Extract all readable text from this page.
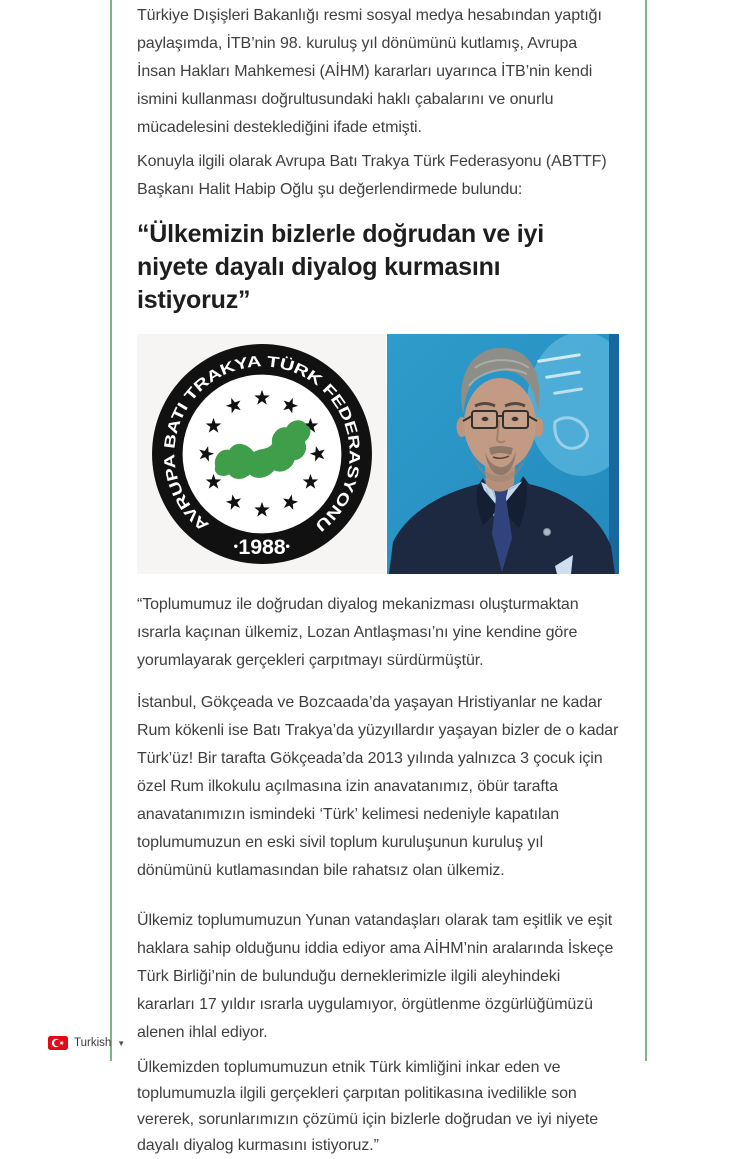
Türkiye Dışişleri Bakanlığı resmi sosyal medya hesabından yaptığı paylaşımda, İTB’nin 98. kuruluş yıl dönümünü kutlamış, Avrupa İnsan Hakları Mahkemesi (AİHM) kararları uyarınca İTB’nin kendi ismini kullanması doğrultusundaki haklı çabalarını ve onurlu mücadelesini desteklediğini ifade etmişti.

Konuyla ilgili olarak Avrupa Batı Trakya Türk Federasyonu (ABTTF) Başkanı Halit Habip Oğlu şu değerlendirmede bulundu:

“Ülkemizin bizlerle doğrudan ve iyi niyete dayalı diyalog kurmasını istiyoruz”
AVRUPA BATI TRAKYA TÜRK FEDERASYONU
•	•
1988

“Toplumumuz ile doğrudan diyalog mekanizması oluşturmaktan ısrarla kaçınan ülkemiz, Lozan Antlaşması’nı yine kendine göre yorumlayarak gerçekleri çarpıtmayı sürdürmüştür.

İstanbul, Gökçeada ve Bozcaada’da yaşayan Hristiyanlar ne kadar Rum kökenli ise Batı Trakya’da yüzyıllardır yaşayan bizler de o kadar Türk’üz! Bir tarafta Gökçeada’da 2013 yılında yalnızca 3 çocuk için özel Rum ilkokulu açılmasına izin anavatanımız, öbür tarafta anavatanımızın ismindeki ‘Türk’ kelimesi nedeniyle kapatılan toplumumuzun en eski sivil toplum kuruluşunun kuruluş yıl dönümünü kutlamasından bile rahatsız olan ülkemiz.

Ülkemiz toplumumuzun Yunan vatandaşları olarak tam eşitlik ve eşit haklara sahip olduğunu iddia ediyor ama AİHM’nin aralarında İskeçe Türk Birliği’nin de bulunduğu derneklerimizle ilgili aleyhindeki kararları 17 yıldır ısrarla uygulamıyor, örgütlenme özgürlüğümüzü alenen ihlal ediyor.

Ülkemizden toplumumuzun etnik Türk kimliğini inkar eden ve toplumumuzla ilgili gerçekleri çarpıtan politikasına ivedilikle son vererek, sorunlarımızın çözümü için bizlerle doğrudan ve iyi niyete dayalı diyalog kurmasını istiyoruz.”

Turkish ▼
